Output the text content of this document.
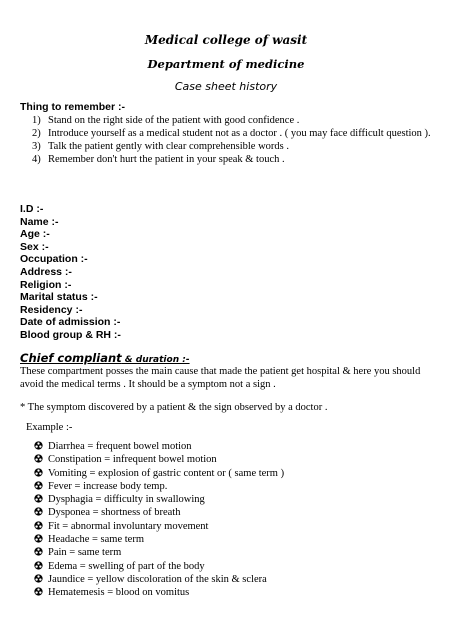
Medical college of wasit
Department of medicine
Case sheet history
Thing to remember :-
1) Stand on the right side of the patient with good confidence .
2) Introduce yourself as a medical student not as a doctor . ( you may face difficult question ).
3) Talk the patient gently with clear comprehensible words .
4) Remember don't hurt the patient in your speak & touch .
I.D :-
Name :-
Age :-
Sex :-
Occupation :-
Address :-
Religion :-
Marital status :-
Residency :-
Date of admission :-
Blood group & RH :-
Chief compliant & duration :-
These compartment posses the main cause that made the patient get hospital & here you should avoid the medical terms . It should be a symptom not a sign .
* The symptom discovered by a patient & the sign observed by a doctor .
Example :-
Diarrhea = frequent bowel motion
Constipation = infrequent bowel motion
Vomiting = explosion of gastric content or ( same term )
Fever = increase body temp.
Dysphagia = difficulty in swallowing
Dysponea = shortness of breath
Fit = abnormal involuntary movement
Headache = same term
Pain = same term
Edema = swelling of part of the body
Jaundice = yellow discoloration of the skin & sclera
Hematemesis = blood on vomitus
